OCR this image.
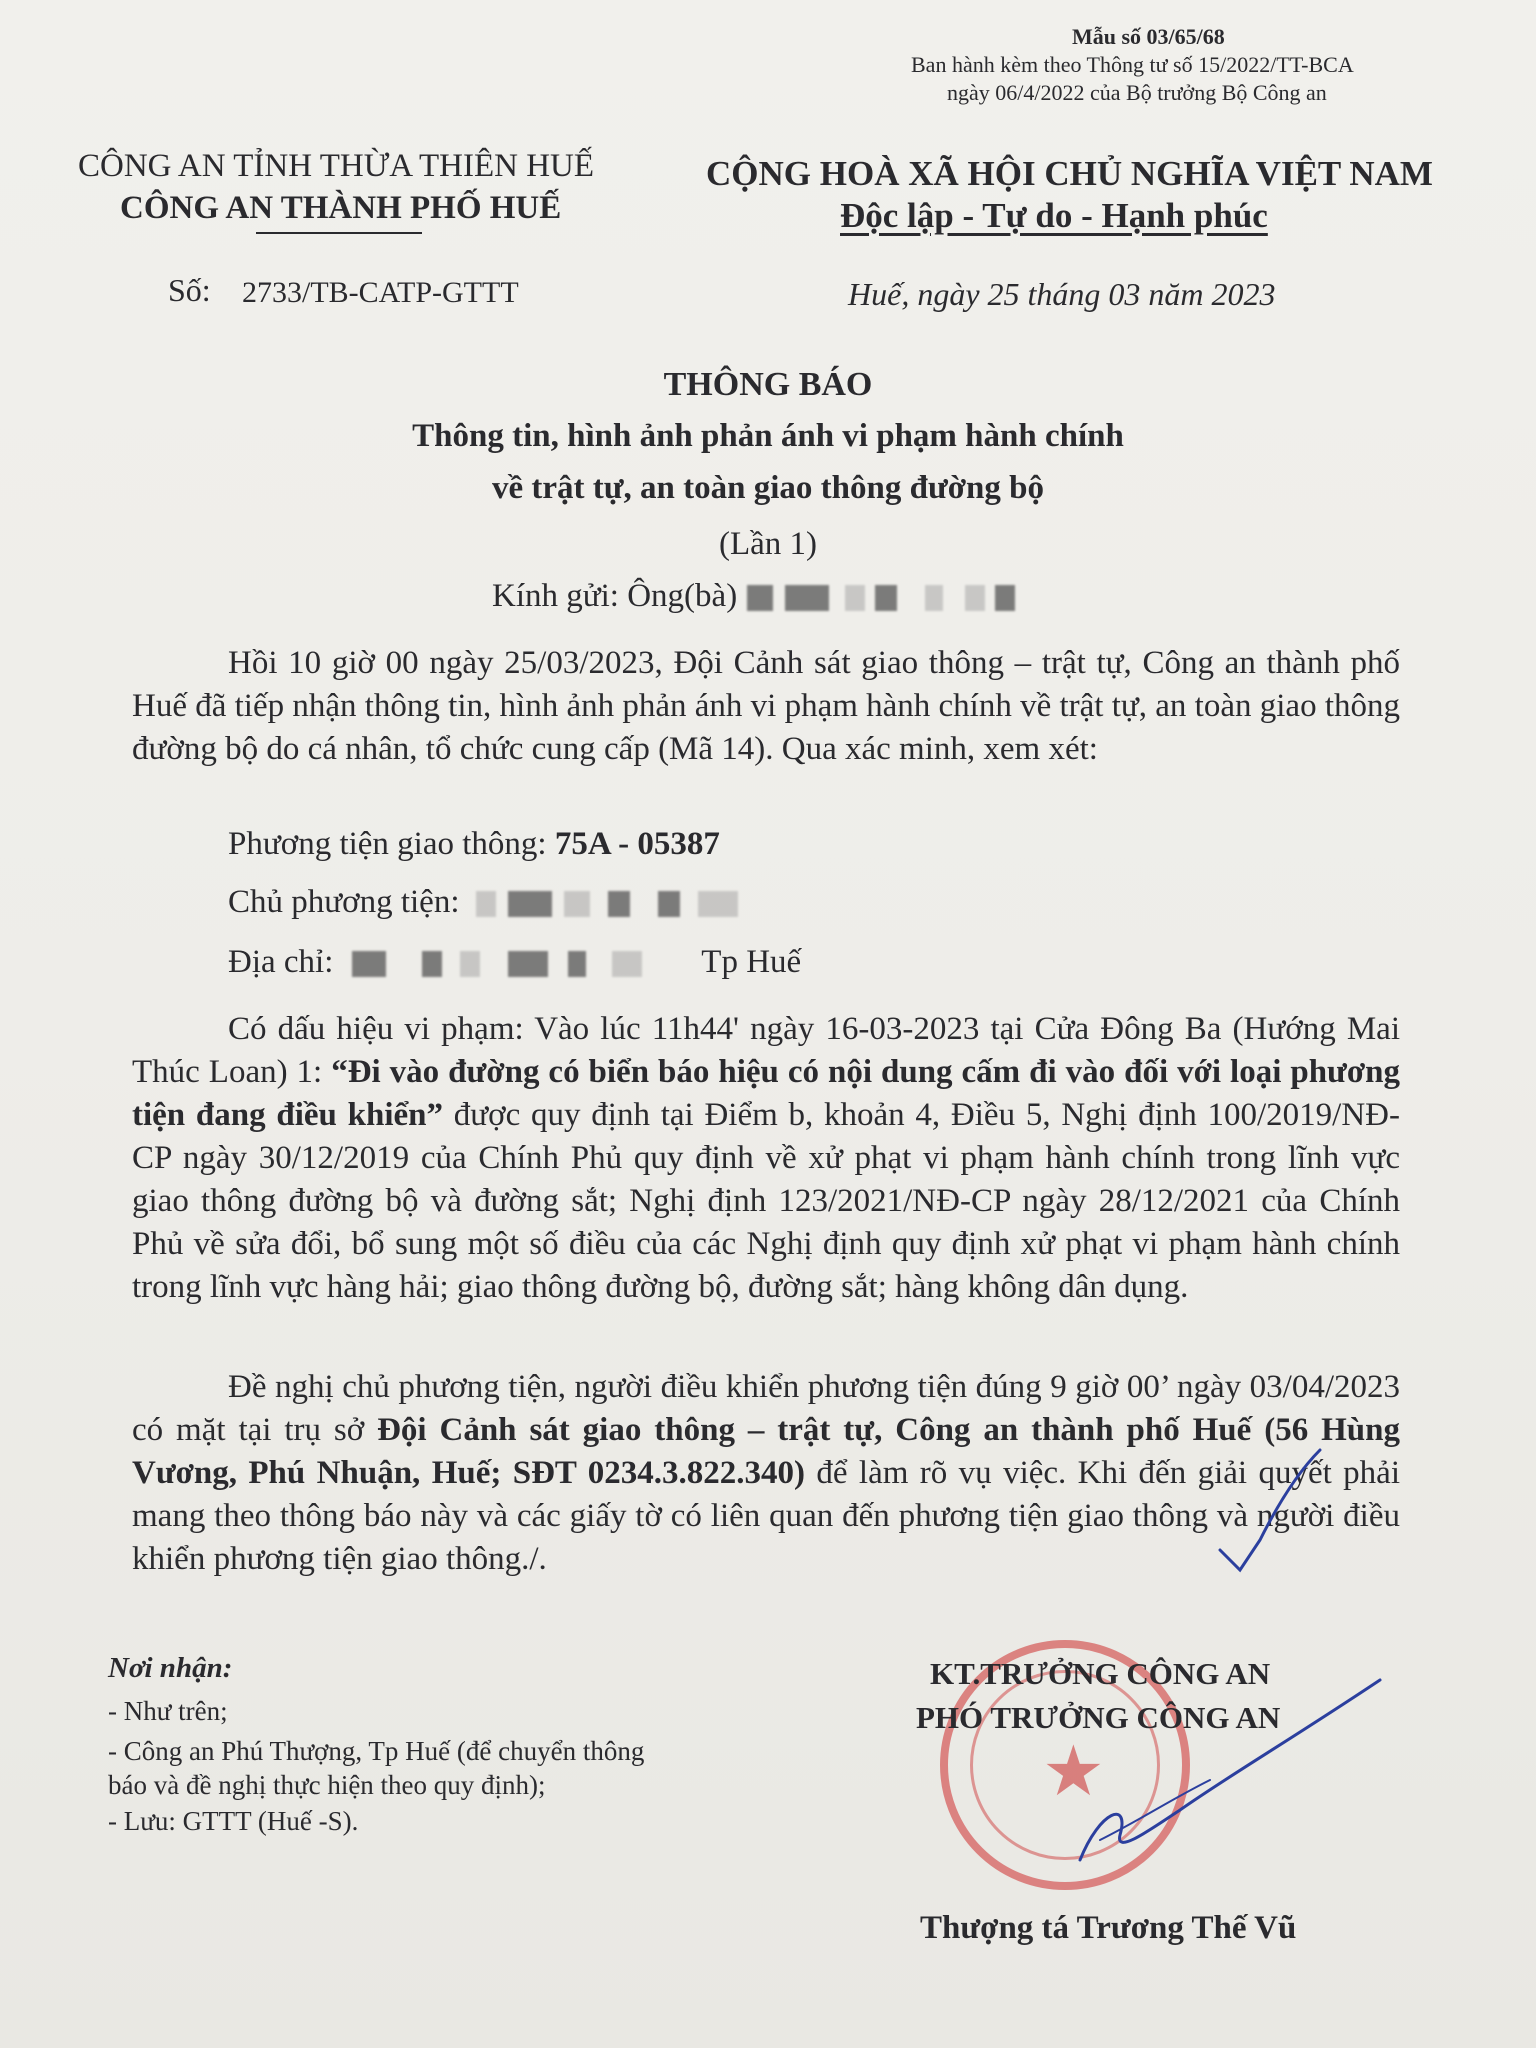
Mẫu số 03/65/68
Ban hành kèm theo Thông tư số 15/2022/TT-BCA
ngày 06/4/2022 của Bộ trưởng Bộ Công an
CÔNG AN TỈNH THỪA THIÊN HUẾ
CÔNG AN THÀNH PHỐ HUẾ
Số: 2733/TB-CATP-GTTT
CỘNG HOÀ XÃ HỘI CHỦ NGHĨA VIỆT NAM
Độc lập - Tự do - Hạnh phúc
Huế, ngày 25 tháng 03 năm 2023
THÔNG BÁO
Thông tin, hình ảnh phản ánh vi phạm hành chính
về trật tự, an toàn giao thông đường bộ
(Lần 1)
Kính gửi: Ông(bà)
Hồi 10 giờ 00 ngày 25/03/2023, Đội Cảnh sát giao thông – trật tự, Công an thành phố Huế đã tiếp nhận thông tin, hình ảnh phản ánh vi phạm hành chính về trật tự, an toàn giao thông đường bộ do cá nhân, tổ chức cung cấp (Mã 14). Qua xác minh, xem xét:
Phương tiện giao thông: 75A - 05387
Chủ phương tiện:
Địa chỉ:	Tp Huế
Có dấu hiệu vi phạm: Vào lúc 11h44' ngày 16-03-2023 tại Cửa Đông Ba (Hướng Mai Thúc Loan) 1: “Đi vào đường có biển báo hiệu có nội dung cấm đi vào đối với loại phương tiện đang điều khiển” được quy định tại Điểm b, khoản 4, Điều 5, Nghị định 100/2019/NĐ-CP ngày 30/12/2019 của Chính Phủ quy định về xử phạt vi phạm hành chính trong lĩnh vực giao thông đường bộ và đường sắt; Nghị định 123/2021/NĐ-CP ngày 28/12/2021 của Chính Phủ về sửa đổi, bổ sung một số điều của các Nghị định quy định xử phạt vi phạm hành chính trong lĩnh vực hàng hải; giao thông đường bộ, đường sắt; hàng không dân dụng.
Đề nghị chủ phương tiện, người điều khiển phương tiện đúng 9 giờ 00’ ngày 03/04/2023 có mặt tại trụ sở Đội Cảnh sát giao thông – trật tự, Công an thành phố Huế (56 Hùng Vương, Phú Nhuận, Huế; SĐT 0234.3.822.340) để làm rõ vụ việc. Khi đến giải quyết phải mang theo thông báo này và các giấy tờ có liên quan đến phương tiện giao thông và người điều khiển phương tiện giao thông./.
Nơi nhận:
- Như trên;
- Công an Phú Thượng, Tp Huế (để chuyển thông
báo và đề nghị thực hiện theo quy định);
- Lưu: GTTT (Huế -S).
★
KT.TRƯỞNG CÔNG AN
PHÓ TRƯỞNG CÔNG AN
Thượng tá Trương Thế Vũ
